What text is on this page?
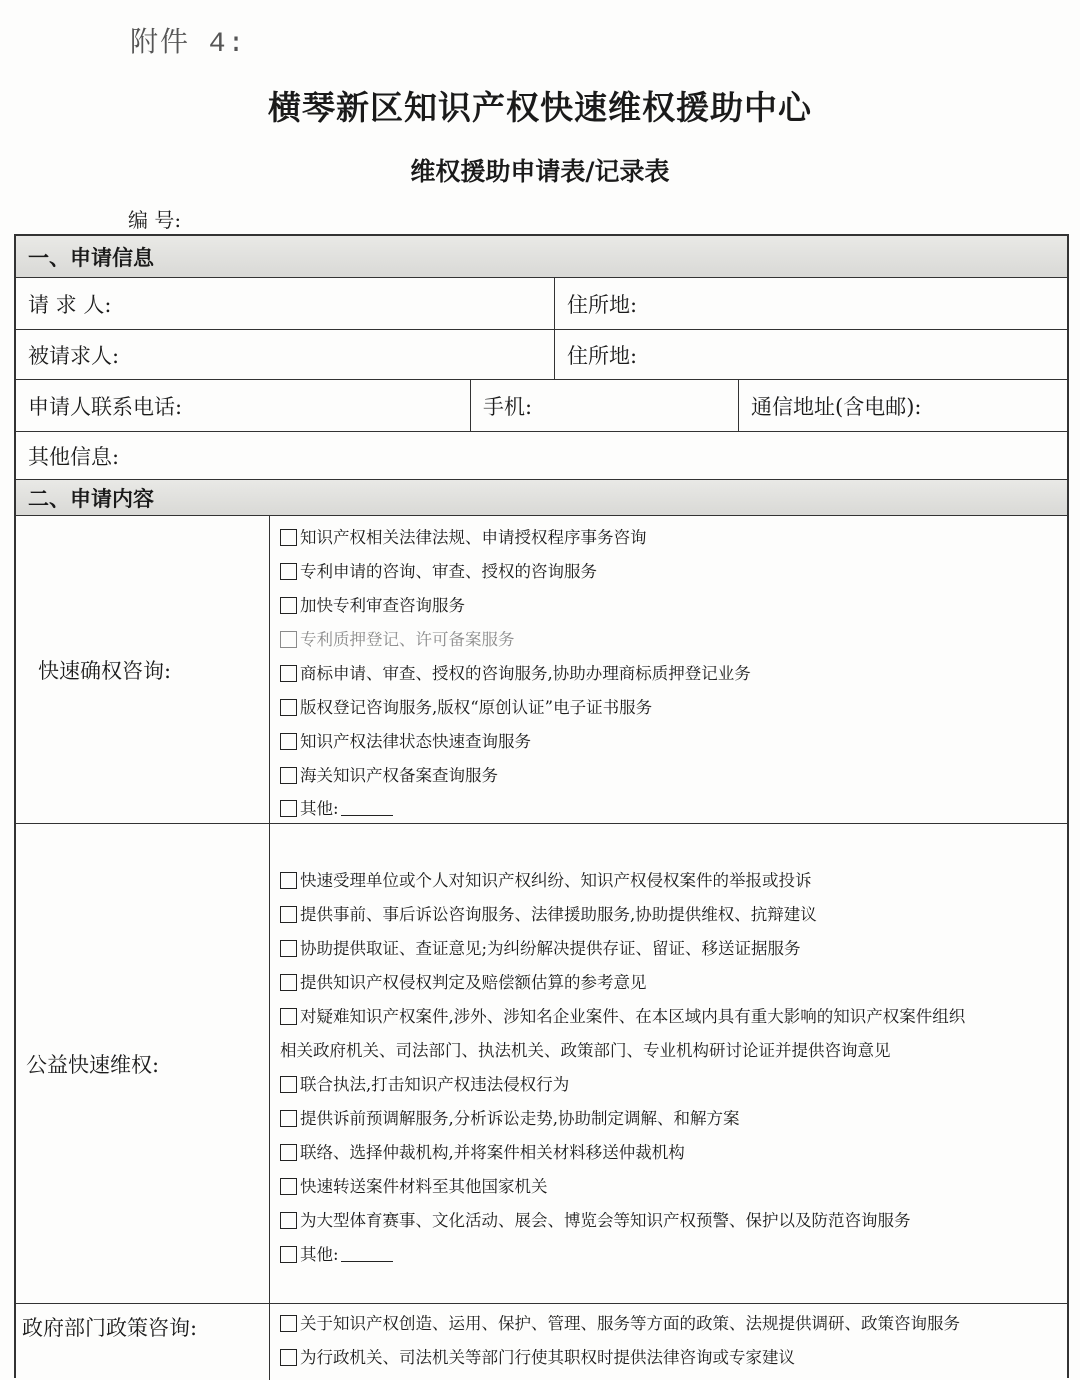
附件 4:
横琴新区知识产权快速维权援助中心
维权援助申请表/记录表
编 号:
一、申请信息
请 求 人:	住所地:
被请求人:	住所地:
申请人联系电话:	手机:	通信地址(含电邮):
其他信息:
二、申请内容
快速确权咨询:
知识产权相关法律法规、申请授权程序事务咨询
专利申请的咨询、审查、授权的咨询服务
加快专利审查咨询服务
专利质押登记、许可备案服务
商标申请、审查、授权的咨询服务,协助办理商标质押登记业务
版权登记咨询服务,版权“原创认证”电子证书服务
知识产权法律状态快速查询服务
海关知识产权备案查询服务
其他:
公益快速维权:
快速受理单位或个人对知识产权纠纷、知识产权侵权案件的举报或投诉
提供事前、事后诉讼咨询服务、法律援助服务,协助提供维权、抗辩建议
协助提供取证、查证意见;为纠纷解决提供存证、留证、移送证据服务
提供知识产权侵权判定及赔偿额估算的参考意见
对疑难知识产权案件,涉外、涉知名企业案件、在本区域内具有重大影响的知识产权案件组织
相关政府机关、司法部门、执法机关、政策部门、专业机构研讨论证并提供咨询意见
联合执法,打击知识产权违法侵权行为
提供诉前预调解服务,分析诉讼走势,协助制定调解、和解方案
联络、选择仲裁机构,并将案件相关材料移送仲裁机构
快速转送案件材料至其他国家机关
为大型体育赛事、文化活动、展会、博览会等知识产权预警、保护以及防范咨询服务
其他:
政府部门政策咨询:	关于知识产权创造、运用、保护、管理、服务等方面的政策、法规提供调研、政策咨询服务
为行政机关、司法机关等部门行使其职权时提供法律咨询或专家建议
